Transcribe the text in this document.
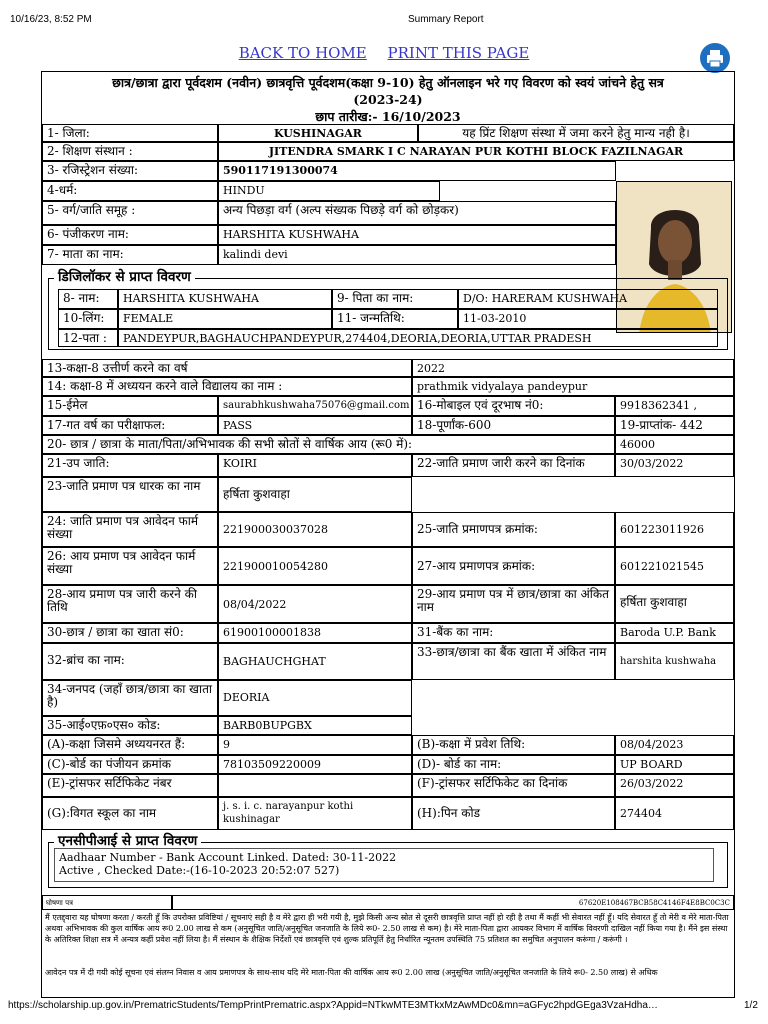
10/16/23, 8:52 PM	Summary Report
BACK TO HOME PRINT THIS PAGE
छात्र/छात्रा द्वारा पूर्वदशम (नवीन) छात्रवृत्ति पूर्वदशम(कक्षा 9-10) हेतु ऑनलाइन भरे गए विवरण को स्वयं जांचने हेतु सत्र
(2023-24)
छाप तारीख:- 16/10/2023
1- जिला:	KUSHINAGAR	यह प्रिंट शिक्षण संस्था में जमा करने हेतु मान्य नही है।
2- शिक्षण संस्थान :	JITENDRA SMARK I C NARAYAN PUR KOTHI BLOCK FAZILNAGAR
3- रजिस्ट्रेशन संख्या:	590117191300074
4-धर्म:	HINDU
5- वर्ग/जाति समूह :	अन्य पिछड़ा वर्ग (अल्प संख्यक पिछड़े वर्ग को छोड़कर)
6- पंजीकरण नाम:	HARSHITA KUSHWAHA
7- माता का नाम:	kalindi devi
डिजिलॉकर से प्राप्त विवरण
8- नाम:	HARSHITA KUSHWAHA	9- पिता का नाम:	D/O: HARERAM KUSHWAHA
10-लिंग:	FEMALE	11- जन्मतिथि:	11-03-2010
12-पता :	PANDEYPUR,BAGHAUCHPANDEYPUR,274404,DEORIA,DEORIA,UTTAR PRADESH
13-कक्षा-8 उत्तीर्ण करने का वर्ष	2022
14: कक्षा-8 में अध्ययन करने वाले विद्यालय का नाम :	prathmik vidyalaya pandeypur
15-ईमेल	saurabhkushwaha75076@gmail.com 16-मोबाइल एवं दूरभाष नं0:	9918362341 ,
17-गत वर्ष का परीक्षाफल:	PASS	18-पूर्णांक-600	19-प्राप्तांक- 442
20- छात्र / छात्रा के माता/पिता/अभिभावक की सभी स्रोतों से वार्षिक आय (रू0 में):	46000
21-उप जाति:	KOIRI	22-जाति प्रमाण जारी करने का दिनांक	30/03/2022
23-जाति प्रमाण पत्र धारक का नाम
हर्षिता कुशवाहा
24: जाति प्रमाण पत्र आवेदन फार्म संख्या	221900030037028	25-जाति प्रमाणपत्र क्रमांक:	601223011926
26: आय प्रमाण पत्र आवेदन फार्म संख्या	221900010054280	27-आय प्रमाणपत्र क्रमांक:	601221021545
28-आय प्रमाण पत्र जारी करने की तिथि	08/04/2022
29-आय प्रमाण पत्र में छात्र/छात्रा का अंकित नाम	हर्षिता कुशवाहा
30-छात्र / छात्रा का खाता सं0:	61900100001838	31-बैंक का नाम:	Baroda U.P. Bank
32-ब्रांच का नाम:	BAGHAUCHGHAT
33-छात्र/छात्रा का बैंक खाता में अंकित नाम
harshita kushwaha
34-जनपद (जहाँ छात्र/छात्रा का खाता है)	DEORIA
35-आई०एफ़०एस० कोड:	BARB0BUPGBX
(A)-कक्षा जिसमे अध्ययनरत हैं:	9	(B)-कक्षा में प्रवेश तिथि:	08/04/2023
(C)-बोर्ड का पंजीयन क्रमांक	78103509220009	(D)- बोर्ड का नाम:	UP BOARD
(E)-ट्रांसफर सर्टिफिकेट नंबर	(F)-ट्रांसफर सर्टिफिकेट का दिनांक	26/03/2022
(G):विगत स्कूल का नाम	j. s. i. c. narayanpur kothi kushinagar	(H):पिन कोड	274404
एनसीपीआई से प्राप्त विवरण
Aadhaar Number - Bank Account Linked. Dated: 30-11-2022
Active , Checked Date:-(16-10-2023 20:52:07 527)
घोषणा पत्र	67620E108467BCB58C4146F4E8BC0C3C
मैं एतद्द्वारा यह घोषणा करता / करती हूँ कि उपरोक्त प्रविष्टियां / सूचनाएं सही है व मेरे द्वारा ही भरी गयी है, मुझे किसी अन्य स्रोत से दूसरी छात्रवृत्ति प्राप्त नहीं हो रही है तथा मैं कहीं भी सेवारत नहीं हूँ। यदि सेवारत हूँ तो मेरी व मेरे माता-पिता अथवा अभिभावक की कुल वार्षिक आय रू0 2.00 लाख से कम (अनुसूचित जाति/अनुसूचित जनजाति के लिये रू0- 2.50 लाख से कम) है। मेरे माता-पिता द्वारा आयकर विभाग में वार्षिक विवरणी दाखिल नहीं किया गया है। मैंने इस संस्था के अतिरिक्त शिक्षा सत्र में अन्यत्र कहीं प्रवेश नहीं लिया है। मैं संस्थान के शैक्षिक निर्देशों एवं छात्रवृत्ति एवं शुल्क प्रतिपूर्ति हेतु निर्धारित न्यूनतम उपस्थिति 75 प्रतिशत का समुचित अनुपालन करूंगा / करूंगी ।
आवेदन पत्र में दी गयी कोई सूचना एवं संलग्न निवास व आय प्रमाणपत्र के साथ-साथ यदि मेरे माता-पिता की वार्षिक आय रू0 2.00 लाख (अनुसूचित जाति/अनुसूचित जनजाति के लिये रू0- 2.50 लाख) से अधिक
https://scholarship.up.gov.in/PrematricStudents/TempPrintPrematric.aspx?Appid=NTkwMTE3MTkxMzAwMDc0&mn=aGFyc2hpdGEga3VzaHdha…	1/2
